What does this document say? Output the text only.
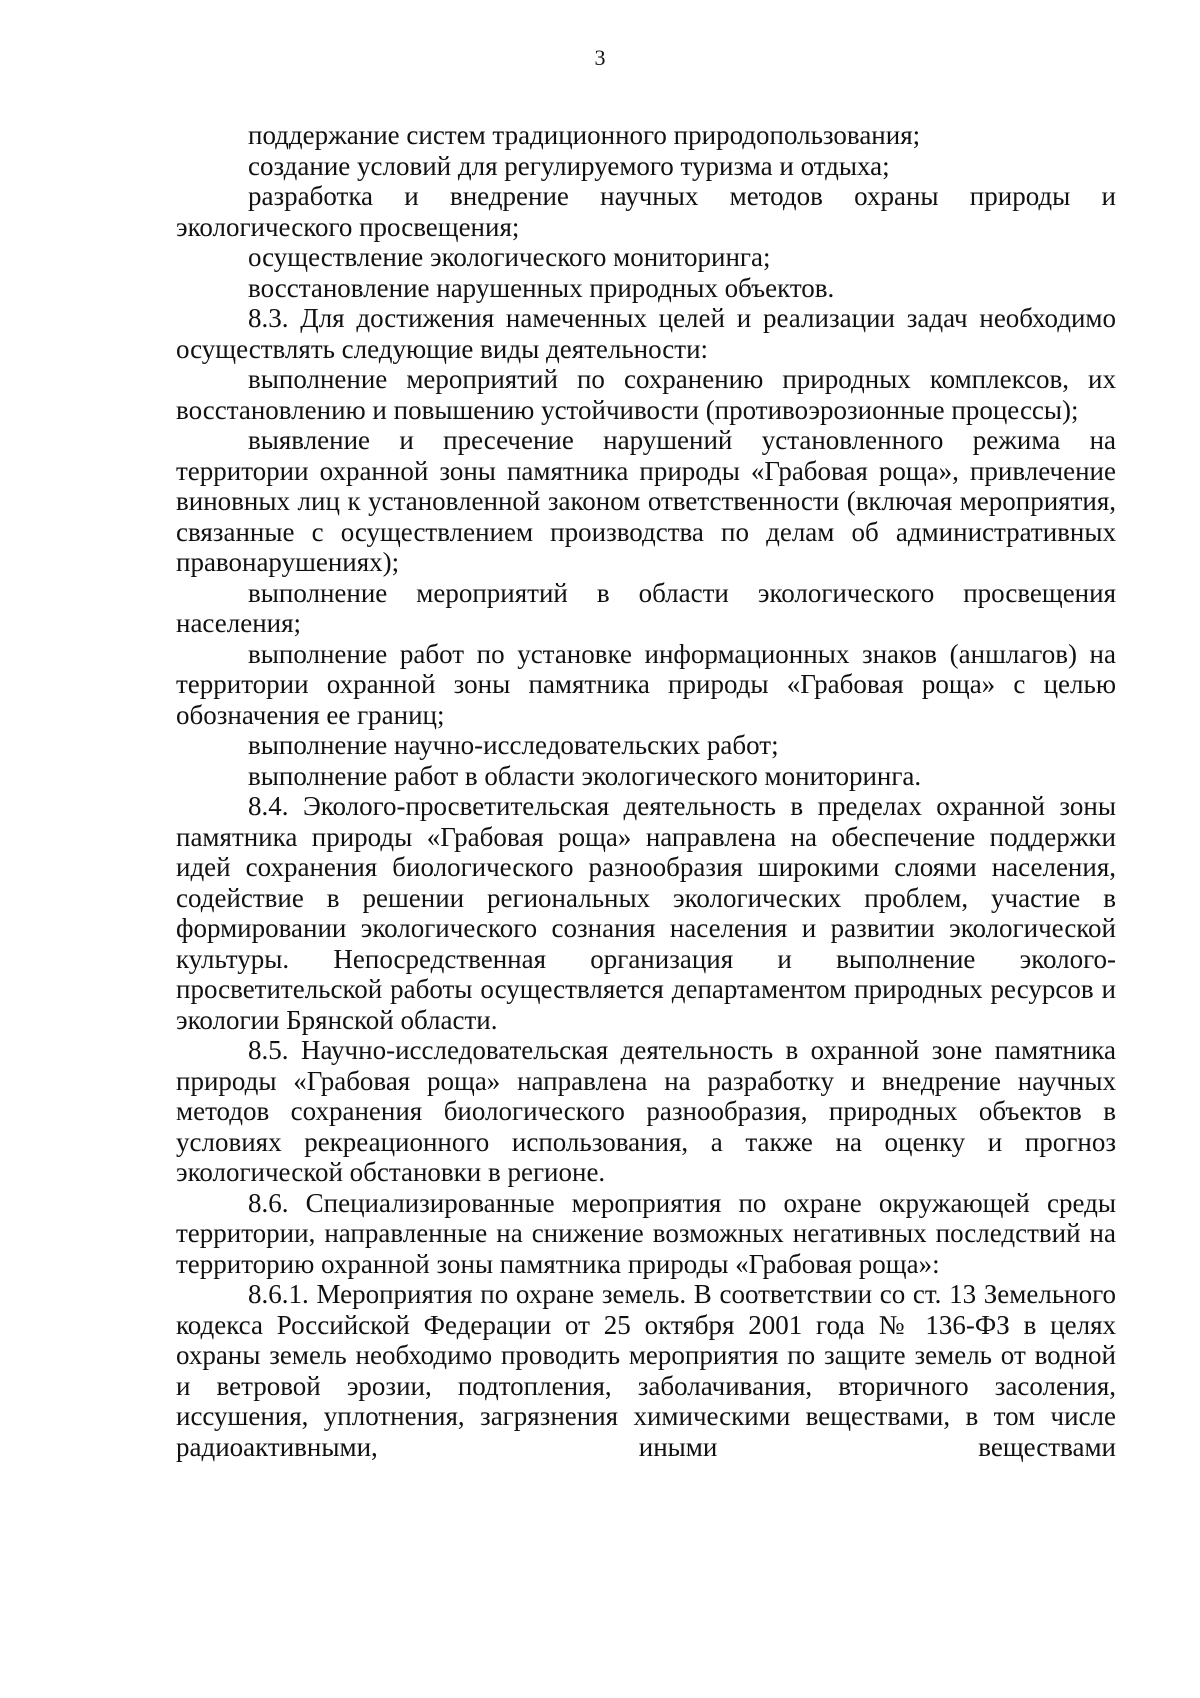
3

поддержание систем традиционного природопользования;

создание условий для регулируемого туризма и отдыха;

разработка и внедрение научных методов охраны природы и экологического просвещения;

осуществление экологического мониторинга;

восстановление нарушенных природных объектов.

8.3. Для достижения намеченных целей и реализации задач необходимо осуществлять следующие виды деятельности:

выполнение мероприятий по сохранению природных комплексов, их восстановлению и повышению устойчивости (противоэрозионные процессы);

выявление и пресечение нарушений установленного режима на территории охранной зоны памятника природы «Грабовая роща», привлечение виновных лиц к установленной законом ответственности (включая мероприятия, связанные с осуществлением производства по делам об административных правонарушениях);

выполнение мероприятий в области экологического просвещения населения;

выполнение работ по установке информационных знаков (аншлагов) на территории охранной зоны памятника природы «Грабовая роща» с целью обозначения ее границ;

выполнение научно-исследовательских работ;

выполнение работ в области экологического мониторинга.

8.4. Эколого-просветительская деятельность в пределах охранной зоны памятника природы «Грабовая роща» направлена на обеспечение поддержки идей сохранения биологического разнообразия широкими слоями населения, содействие в решении региональных экологических проблем, участие в формировании экологического сознания населения и развитии экологической культуры. Непосредственная организация и выполнение эколого-просветительской работы осуществляется департаментом природных ресурсов и экологии Брянской области.

8.5. Научно-исследовательская деятельность в охранной зоне памятника природы «Грабовая роща» направлена на разработку и внедрение научных методов сохранения биологического разнообразия, природных объектов в условиях рекреационного использования, а также на оценку и прогноз экологической обстановки в регионе.

8.6. Специализированные мероприятия по охране окружающей среды территории, направленные на снижение возможных негативных последствий на территорию охранной зоны памятника природы «Грабовая роща»:

8.6.1. Мероприятия по охране земель. В соответствии со ст. 13 Земельного кодекса Российской Федерации от 25 октября 2001 года № 136-ФЗ в целях охраны земель необходимо проводить мероприятия по защите земель от водной и ветровой эрозии, подтопления, заболачивания, вторичного засоления, иссушения, уплотнения, загрязнения химическими веществами, в том числе радиоактивными, иными веществами
